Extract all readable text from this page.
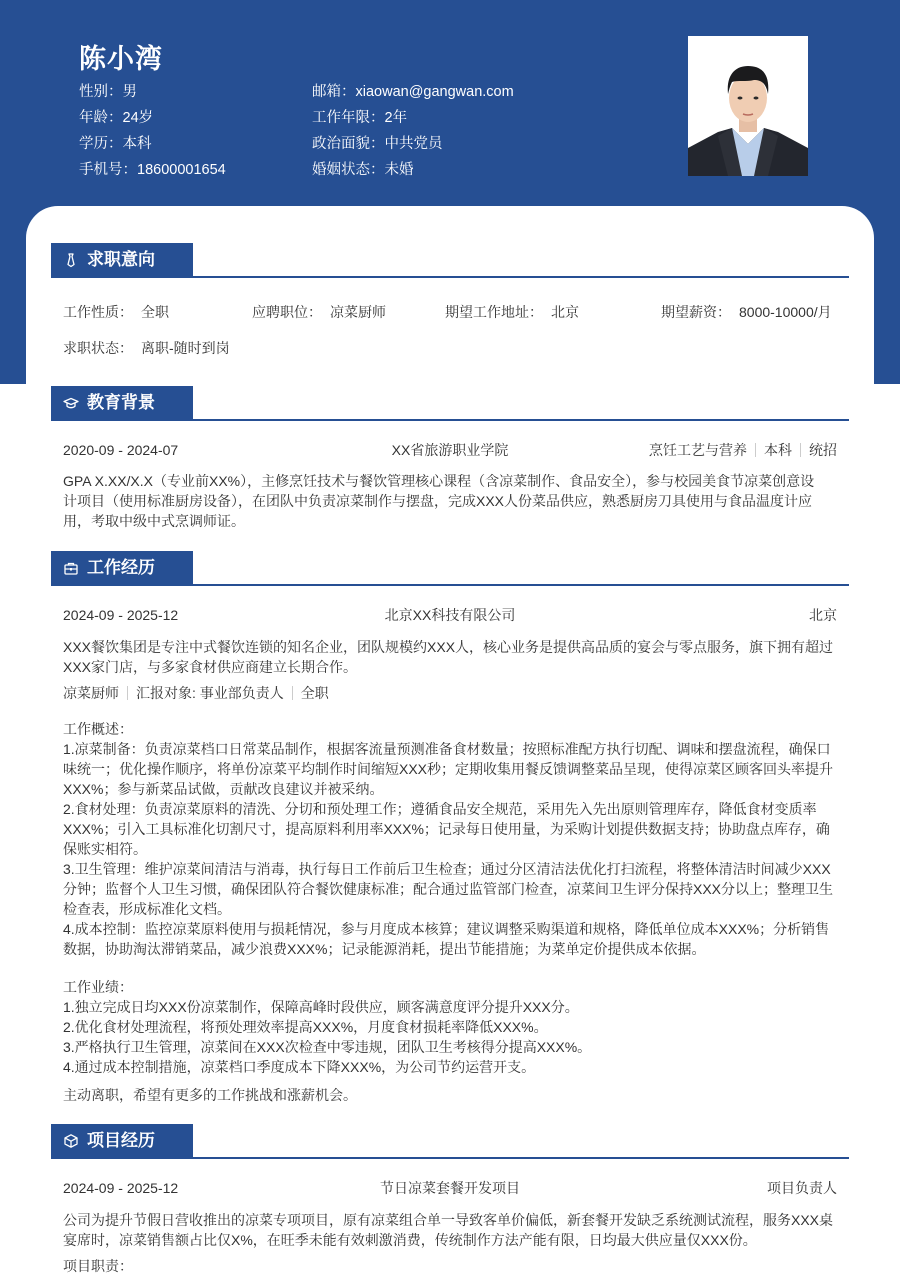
陈小湾
性别：男
年龄：24岁
学历：本科
手机号：18600001654
邮箱：xiaowan@gangwan.com
工作年限：2年
政治面貌：中共党员
婚姻状态：未婚
求职意向
工作性质： 全职	应聘职位： 凉菜厨师	期望工作地址： 北京	期望薪资： 8000-10000/月
求职状态： 离职-随时到岗
教育背景
2020-09 - 2024-07	XX省旅游职业学院	烹饪工艺与营养 本科 统招
GPA X.XX/X.X（专业前XX%），主修烹饪技术与餐饮管理核心课程（含凉菜制作、食品安全），参与校园美食节凉菜创意设
计项目（使用标准厨房设备），在团队中负责凉菜制作与摆盘，完成XXX人份菜品供应，熟悉厨房刀具使用与食品温度计应
用，考取中级中式烹调师证。
工作经历
2024-09 - 2025-12	北京XX科技有限公司	北京
XXX餐饮集团是专注中式餐饮连锁的知名企业，团队规模约XXX人，核心业务是提供高品质的宴会与零点服务，旗下拥有超过
XXX家门店，与多家食材供应商建立长期合作。
凉菜厨师 汇报对象: 事业部负责人 全职
工作概述：
1.凉菜制备：负责凉菜档口日常菜品制作，根据客流量预测准备食材数量；按照标准配方执行切配、调味和摆盘流程，确保口
味统一；优化操作顺序，将单份凉菜平均制作时间缩短XXX秒；定期收集用餐反馈调整菜品呈现，使得凉菜区顾客回头率提升
XXX%；参与新菜品试做，贡献改良建议并被采纳。
2.食材处理：负责凉菜原料的清洗、分切和预处理工作；遵循食品安全规范，采用先入先出原则管理库存，降低食材变质率
XXX%；引入工具标准化切割尺寸，提高原料利用率XXX%；记录每日使用量，为采购计划提供数据支持；协助盘点库存，确
保账实相符。
3.卫生管理：维护凉菜间清洁与消毒，执行每日工作前后卫生检查；通过分区清洁法优化打扫流程，将整体清洁时间减少XXX
分钟；监督个人卫生习惯，确保团队符合餐饮健康标准；配合通过监管部门检查，凉菜间卫生评分保持XXX分以上；整理卫生
检查表，形成标准化文档。
4.成本控制：监控凉菜原料使用与损耗情况，参与月度成本核算；建议调整采购渠道和规格，降低单位成本XXX%；分析销售
数据，协助淘汰滞销菜品，减少浪费XXX%；记录能源消耗，提出节能措施；为菜单定价提供成本依据。
工作业绩：
1.独立完成日均XXX份凉菜制作，保障高峰时段供应，顾客满意度评分提升XXX分。
2.优化食材处理流程，将预处理效率提高XXX%，月度食材损耗率降低XXX%。
3.严格执行卫生管理，凉菜间在XXX次检查中零违规，团队卫生考核得分提高XXX%。
4.通过成本控制措施，凉菜档口季度成本下降XXX%，为公司节约运营开支。
主动离职，希望有更多的工作挑战和涨薪机会。
项目经历
2024-09 - 2025-12	节日凉菜套餐开发项目	项目负责人
公司为提升节假日营收推出的凉菜专项项目，原有凉菜组合单一导致客单价偏低，新套餐开发缺乏系统测试流程，服务XXX桌
宴席时，凉菜销售额占比仅X%，在旺季未能有效刺激消费，传统制作方法产能有限，日均最大供应量仅XXX份。
项目职责：
